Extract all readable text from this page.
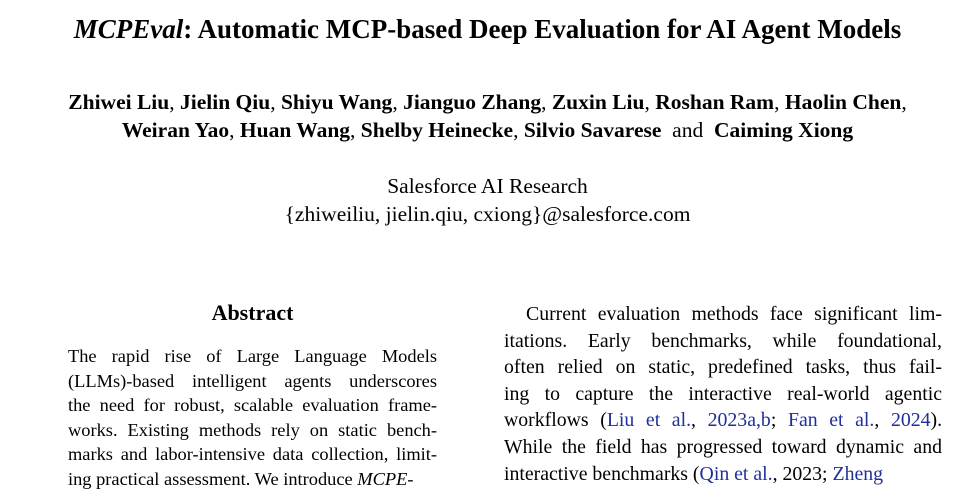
MCPEval: Automatic MCP-based Deep Evaluation for AI Agent Models
Zhiwei Liu, Jielin Qiu, Shiyu Wang, Jianguo Zhang, Zuxin Liu, Roshan Ram, Haolin Chen,
Weiran Yao, Huan Wang, Shelby Heinecke, Silvio Savarese and Caiming Xiong
Salesforce AI Research
{zhiweiliu, jielin.qiu, cxiong}@salesforce.com
Abstract
The rapid rise of Large Language Models
(LLMs)-based intelligent agents underscores
the need for robust, scalable evaluation frame-
works. Existing methods rely on static bench-
marks and labor-intensive data collection, limit-
ing practical assessment. We introduce MCPE-
Current evaluation methods face significant lim-
itations. Early benchmarks, while foundational,
often relied on static, predefined tasks, thus fail-
ing to capture the interactive real-world agentic
workflows (Liu et al., 2023a,b; Fan et al., 2024).
While the field has progressed toward dynamic and
interactive benchmarks (Qin et al., 2023; Zheng
